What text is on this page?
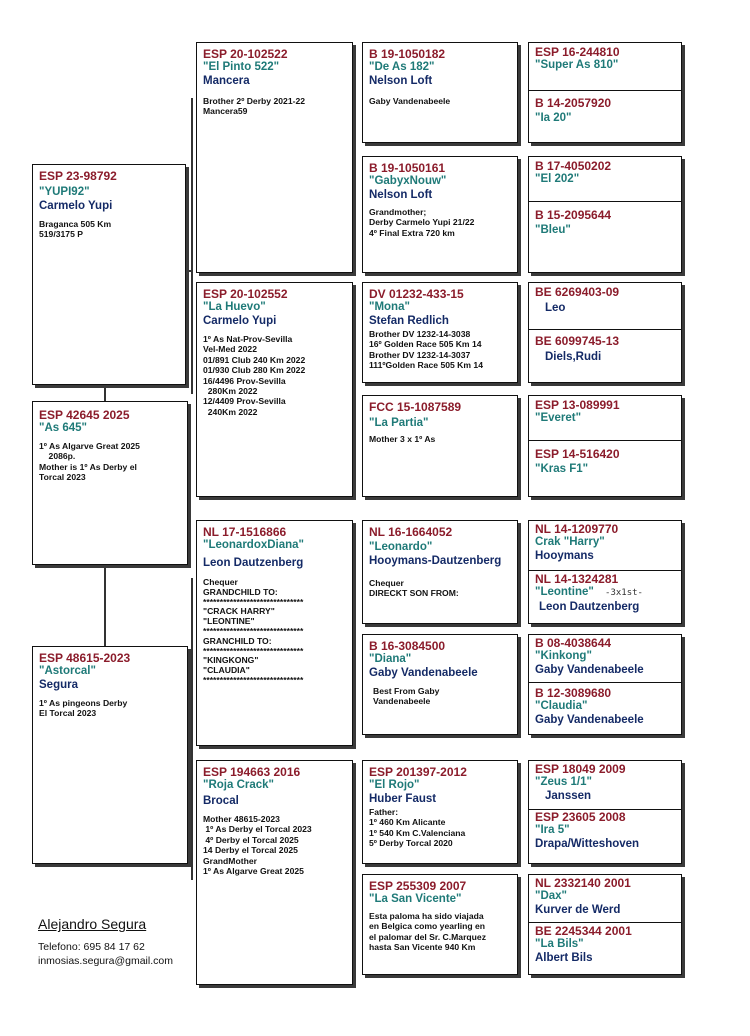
ESP 42645 2025
"As 645"
1º As Algarve Great 2025
2086p.
Mother is 1º As Derby el
Torcal 2023
ESP 23-98792
"YUPI92"
Carmelo Yupi
Braganca 505 Km
519/3175 P
ESP 48615-2023
"Astorcal"
Segura
1º As pingeons Derby
El Torcal 2023
ESP 20-102522
"El Pinto 522"
Mancera
Brother 2º Derby 2021-22
Mancera59
ESP 20-102552
"La Huevo"
Carmelo Yupi
1º As Nat-Prov-Sevilla
Vel-Med 2022
01/891 Club 240 Km 2022
01/930 Club 280 Km 2022
16/4496 Prov-Sevilla
280Km 2022
12/4409 Prov-Sevilla
240Km 2022
NL 17-1516866
"LeonardoxDiana"
Leon Dautzenberg
Chequer
GRANDCHILD TO:
******************************
"CRACK HARRY"
"LEONTINE"
******************************
GRANCHILD TO:
******************************
"KINGKONG"
"CLAUDIA"
******************************
ESP 194663 2016
"Roja Crack"
Brocal
Mother 48615-2023
1º As Derby el Torcal 2023
4º Derby el Torcal 2025
14 Derby el Torcal 2025
GrandMother
1º As Algarve Great 2025
B 19-1050182
"De As 182"
Nelson Loft
Gaby Vandenabeele
B 19-1050161
"GabyxNouw"
Nelson Loft
Grandmother;
Derby Carmelo Yupi 21/22
4º Final Extra 720 km
DV 01232-433-15
"Mona"
Stefan Redlich
Brother DV 1232-14-3038
16º Golden Race 505 Km 14
Brother DV 1232-14-3037
111ºGolden Race 505 Km 14
FCC 15-1087589
"La Partia"
Mother 3 x 1º As
NL 16-1664052
"Leonardo"
Hooymans-Dautzenberg
Chequer
DIRECKT SON FROM:
B 16-3084500
"Diana"
Gaby Vandenabeele
Best From Gaby
Vandenabeele
ESP 201397-2012
"El Rojo"
Huber Faust
Father:
1º 460 Km Alicante
1º 540 Km C.Valenciana
5º Derby Torcal 2020
ESP 255309 2007
"La San Vicente"
Esta paloma ha sido viajada
en Belgica como yearling en
el palomar del Sr. C.Marquez
hasta San Vicente 940 Km
ESP 16-244810
"Super As 810"
B 14-2057920
"Ia 20"
B 17-4050202
"El 202"
B 15-2095644
"Bleu"
BE 6269403-09
Leo
BE 6099745-13
Diels,Rudi
ESP 13-089991
"Everet"
ESP 14-516420
"Kras F1"
NL 14-1209770
Crak "Harry"
Hooymans
NL 14-1324281
"Leontine" -3x1st-
Leon Dautzenberg
B 08-4038644
"Kinkong"
Gaby Vandenabeele
B 12-3089680
"Claudia"
Gaby Vandenabeele
ESP 18049 2009
"Zeus 1/1"
Janssen
ESP 23605 2008
"Ira 5"
Drapa/Witteshoven
NL 2332140 2001
"Dax"
Kurver de Werd
BE 2245344 2001
"La Bils"
Albert Bils
Alejandro Segura
Telefono: 695 84 17 62
inmosias.segura@gmail.com
